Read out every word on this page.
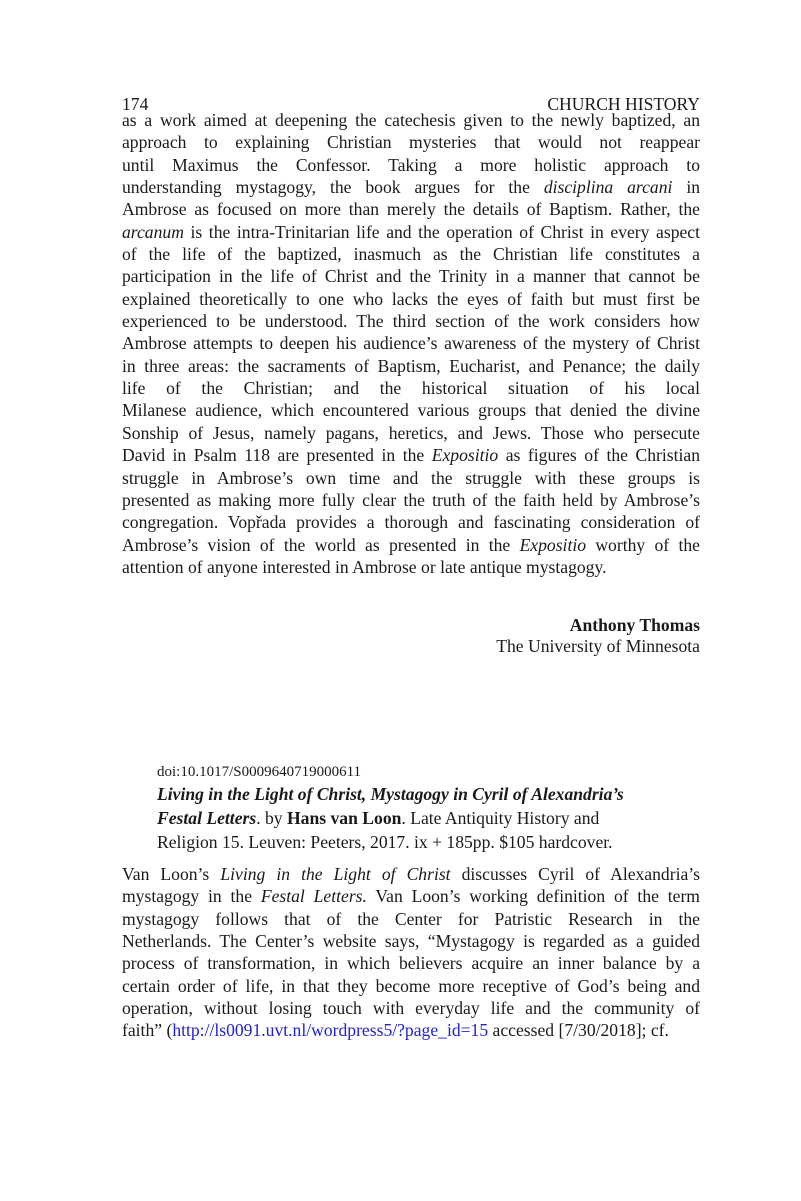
174	CHURCH HISTORY
as a work aimed at deepening the catechesis given to the newly baptized, an
approach to explaining Christian mysteries that would not reappear
until Maximus the Confessor. Taking a more holistic approach to
understanding mystagogy, the book argues for the disciplina arcani in
Ambrose as focused on more than merely the details of Baptism. Rather, the
arcanum is the intra-Trinitarian life and the operation of Christ in every aspect
of the life of the baptized, inasmuch as the Christian life constitutes a
participation in the life of Christ and the Trinity in a manner that cannot be
explained theoretically to one who lacks the eyes of faith but must first be
experienced to be understood. The third section of the work considers how
Ambrose attempts to deepen his audience’s awareness of the mystery of Christ
in three areas: the sacraments of Baptism, Eucharist, and Penance; the daily
life of the Christian; and the historical situation of his local
Milanese audience, which encountered various groups that denied the divine
Sonship of Jesus, namely pagans, heretics, and Jews. Those who persecute
David in Psalm 118 are presented in the Expositio as figures of the Christian
struggle in Ambrose’s own time and the struggle with these groups is
presented as making more fully clear the truth of the faith held by Ambrose’s
congregation. Vopřada provides a thorough and fascinating consideration of
Ambrose’s vision of the world as presented in the Expositio worthy of the
attention of anyone interested in Ambrose or late antique mystagogy.
Anthony Thomas
The University of Minnesota
doi:10.1017/S0009640719000611
Living in the Light of Christ, Mystagogy in Cyril of Alexandria’s
Festal Letters. by Hans van Loon. Late Antiquity History and
Religion 15. Leuven: Peeters, 2017. ix + 185pp. $105 hardcover.
Van Loon’s Living in the Light of Christ discusses Cyril of Alexandria’s
mystagogy in the Festal Letters. Van Loon’s working definition of the term
mystagogy follows that of the Center for Patristic Research in the
Netherlands. The Center’s website says, “Mystagogy is regarded as a guided
process of transformation, in which believers acquire an inner balance by a
certain order of life, in that they become more receptive of God’s being and
operation, without losing touch with everyday life and the community of
faith” (http://ls0091.uvt.nl/wordpress5/?page_id=15 accessed [7/30/2018]; cf.
